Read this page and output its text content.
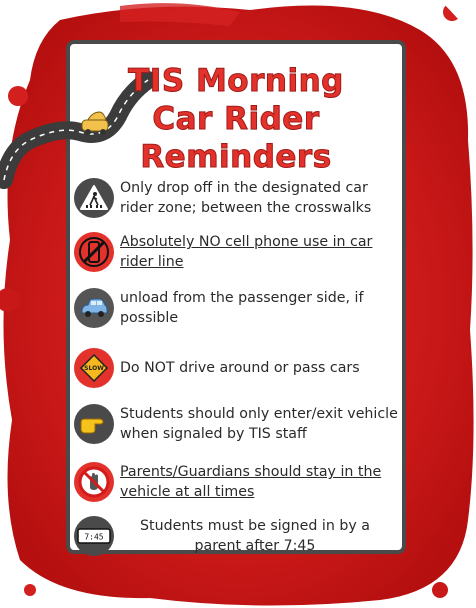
TIS Morning
Car Rider
Reminders
Only drop off in the designated car rider zone; between the crosswalks
Absolutely NO cell phone use in car rider line
unload from the passenger side, if possible
SLOW Do NOT drive around or pass cars
Students should only enter/exit vehicle when signaled by TIS staff
Parents/Guardians should stay in the vehicle at all times
7:45
Students must be signed in by a parent after 7:45
